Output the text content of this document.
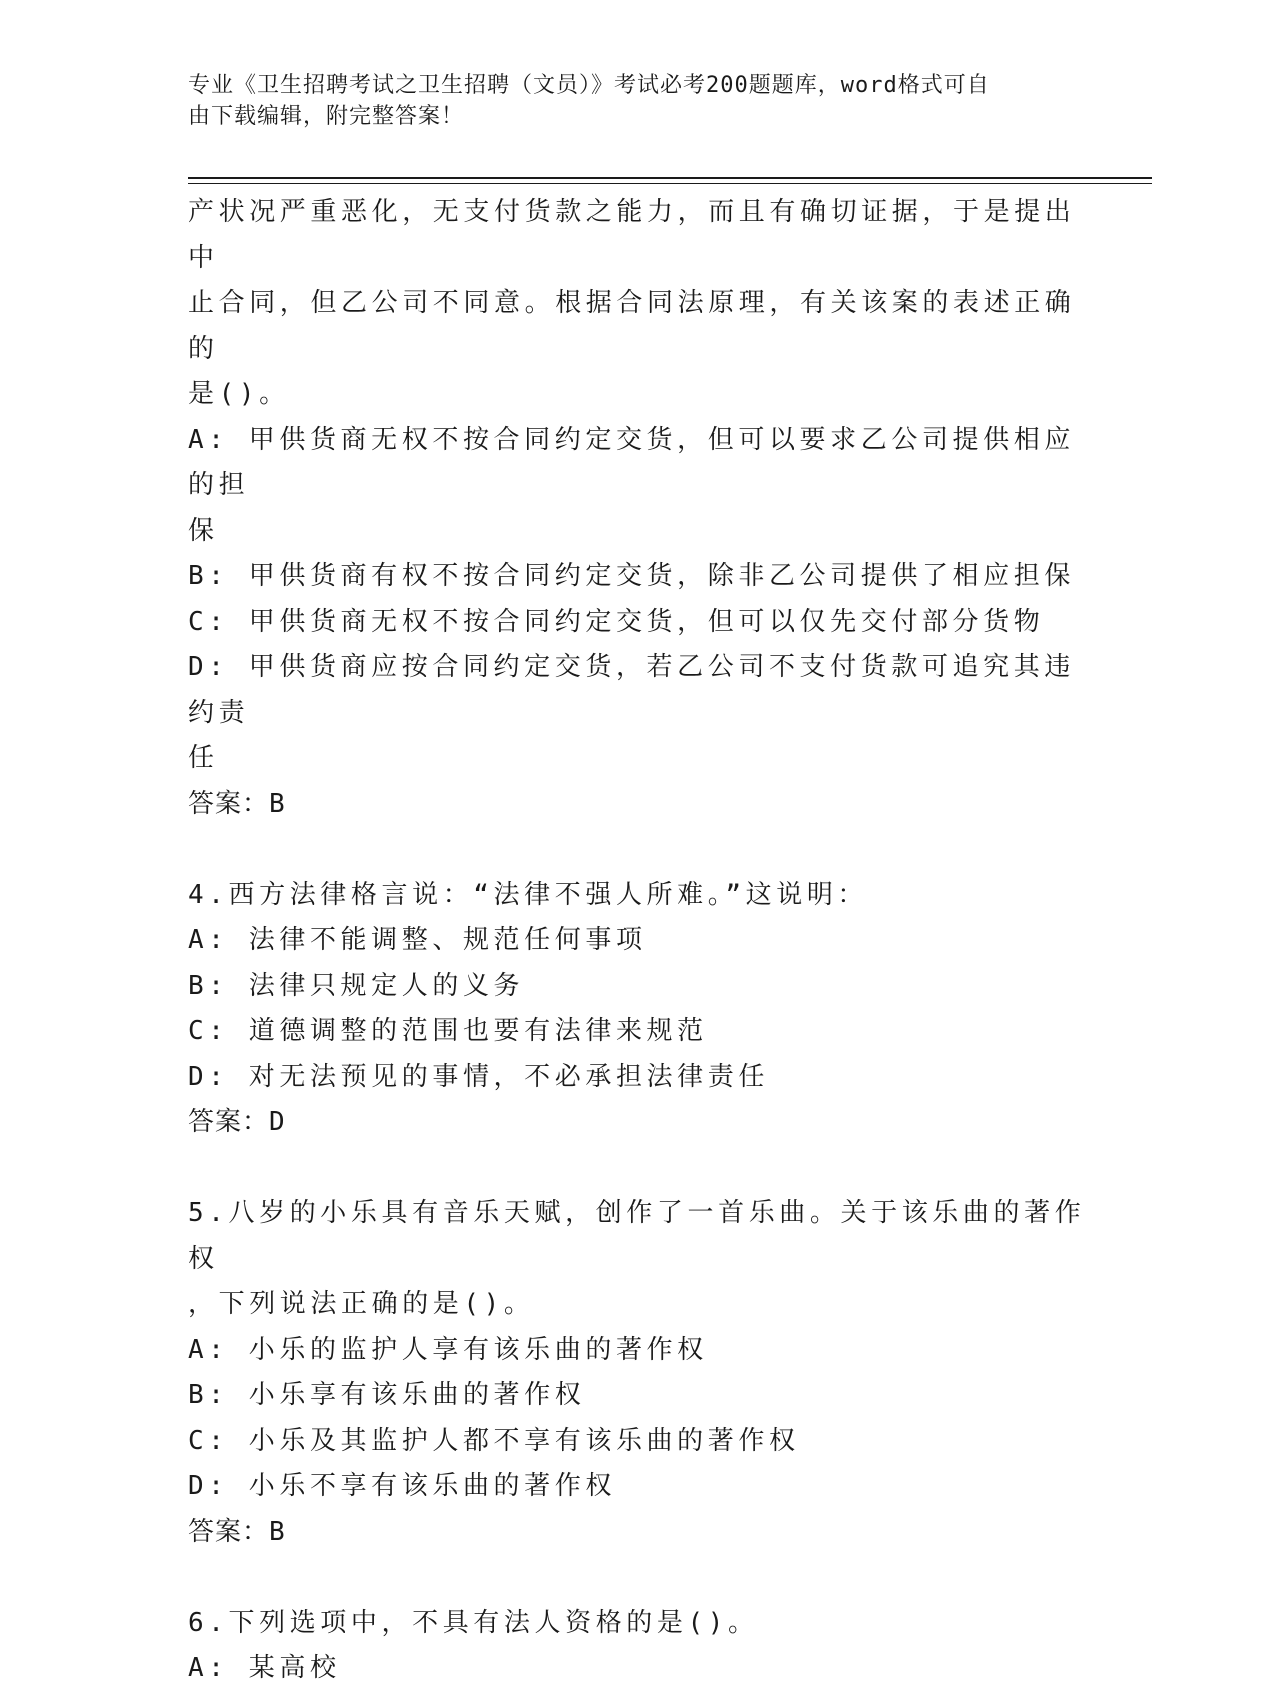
专业《卫生招聘考试之卫生招聘（文员）》考试必考200题题库，word格式可自
由下载编辑，附完整答案！

产状况严重恶化，无支付货款之能力，而且有确切证据，于是提出中

止合同，但乙公司不同意。根据合同法原理，有关该案的表述正确的

是()。

A: 甲供货商无权不按合同约定交货，但可以要求乙公司提供相应的担

保

B: 甲供货商有权不按合同约定交货，除非乙公司提供了相应担保

C: 甲供货商无权不按合同约定交货，但可以仅先交付部分货物

D: 甲供货商应按合同约定交货，若乙公司不支付货款可追究其违约责

任

答案：B

4.西方法律格言说：“法律不强人所难。”这说明：

A: 法律不能调整、规范任何事项

B: 法律只规定人的义务

C: 道德调整的范围也要有法律来规范

D: 对无法预见的事情，不必承担法律责任

答案：D

5.八岁的小乐具有音乐天赋，创作了一首乐曲。关于该乐曲的著作权

，下列说法正确的是()。

A: 小乐的监护人享有该乐曲的著作权

B: 小乐享有该乐曲的著作权

C: 小乐及其监护人都不享有该乐曲的著作权

D: 小乐不享有该乐曲的著作权

答案：B

6.下列选项中，不具有法人资格的是()。

A: 某高校
